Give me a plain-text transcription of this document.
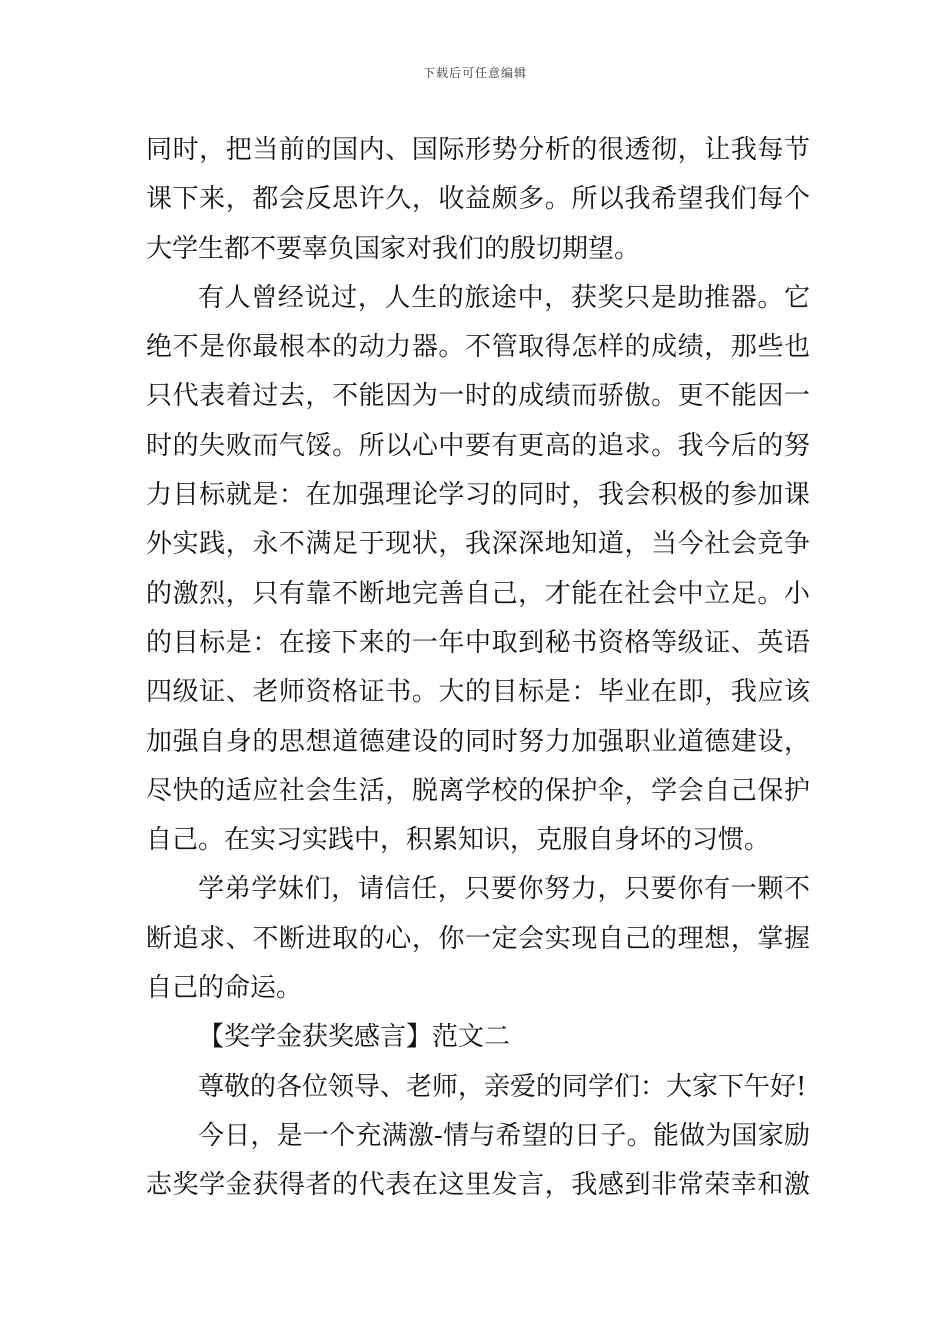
下载后可任意编辑
同时，把当前的国内、国际形势分析的很透彻，让我每节
课下来，都会反思许久，收益颇多。所以我希望我们每个
大学生都不要辜负国家对我们的殷切期望。
有人曾经说过，人生的旅途中，获奖只是助推器。它
绝不是你最根本的动力器。不管取得怎样的成绩，那些也
只代表着过去，不能因为一时的成绩而骄傲。更不能因一
时的失败而气馁。所以心中要有更高的追求。我今后的努
力目标就是：在加强理论学习的同时，我会积极的参加课
外实践，永不满足于现状，我深深地知道，当今社会竞争
的激烈，只有靠不断地完善自己，才能在社会中立足。小
的目标是：在接下来的一年中取到秘书资格等级证、英语
四级证、老师资格证书。大的目标是：毕业在即，我应该
加强自身的思想道德建设的同时努力加强职业道德建设，
尽快的适应社会生活，脱离学校的保护伞，学会自己保护
自己。在实习实践中，积累知识，克服自身坏的习惯。
学弟学妹们，请信任，只要你努力，只要你有一颗不
断追求、不断进取的心，你一定会实现自己的理想，掌握
自己的命运。
【奖学金获奖感言】范文二
尊敬的各位领导、老师，亲爱的同学们：大家下午好!
今日，是一个充满激-情与希望的日子。能做为国家励
志奖学金获得者的代表在这里发言，我感到非常荣幸和激
